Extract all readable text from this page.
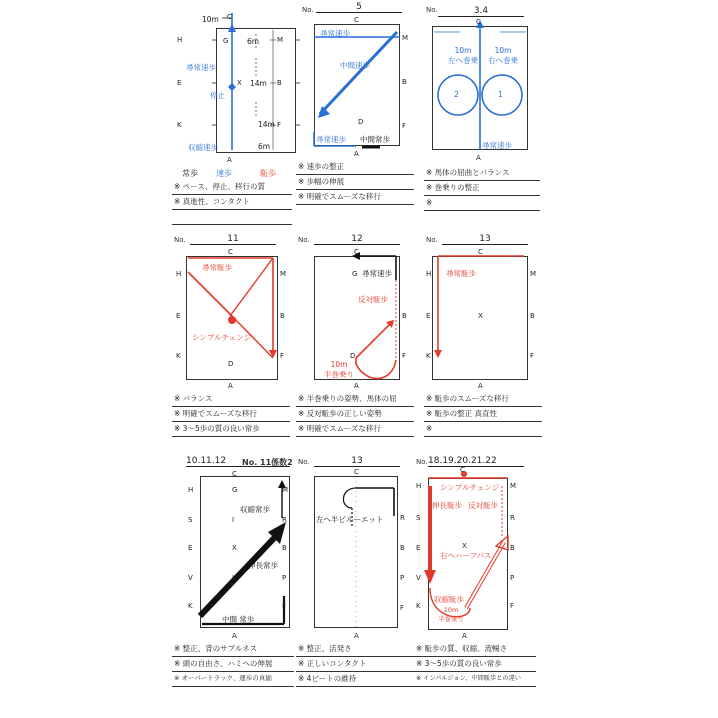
C
H	G	M
E	X	B
K	F
A
10m
6m
14m
14m
6m
尋常速歩
停止
収縮速歩
常歩 速歩	駈歩
※ ペース、停止、移行の質
※ 真進性、コンタクト
No.	5
C
M
B
D	F
A
尋常速歩
中間速歩
尋常速歩 中間常歩
※ 速歩の整正
※ 歩幅の伸展
※ 明確でスムーズな移行
No.	3.4
C
10m
左へ巻乗
10m
右へ巻乗
2	1
尋常速歩
A
※ 馬体の屈曲とバランス
※ 巻乗りの整正
※
No.	11
C
H	M
E	B
K
D
F
A
尋常駈歩
シンプルチェンジ
※ バランス
※ 明確でスムーズな移行
※ 3～5歩の質の良い常歩
No.	12
C
G
B
D	F
A
尋常速歩
反対駈歩
10m
半巻乗り
※ 半巻乗りの姿勢、馬体の屈
※ 反対駈歩の正しい姿勢
※ 明確でスムーズな移行
No.	13
C
H	M
E	X	B
K	F
A
尋常駈歩
※ 駈歩のスムーズな移行
※ 駈歩の整正 真直性
※
10.11.12	No. 11係数2
C
H	G	M
S	I	R
E	X	B
V	L	P
K	F
A
収縮常歩
伸長常歩
中間 常歩
※ 整正、背のサプルネス
※ 頭の自由さ、ハミへの伸展
※ オーバートラック、運歩の真価
No.	13
C
R
B
P
F
A
左へ半ピルーエット
※ 整正、活発さ
※ 正しいコンタクト
※ 4ビートの維持
No. 18.19.20.21.22
C
H	M
S	R
E	X	B
V	P
K	F
A
シンプルチェンジ
伸長駈歩 反対駈歩
右へハーフパス
収縮駈歩
10m
半巻乗り
※ 駈歩の質、収縮、流暢さ
※ 3～5歩の質の良い常歩
※ インパルジョン、中間駈歩との違い
